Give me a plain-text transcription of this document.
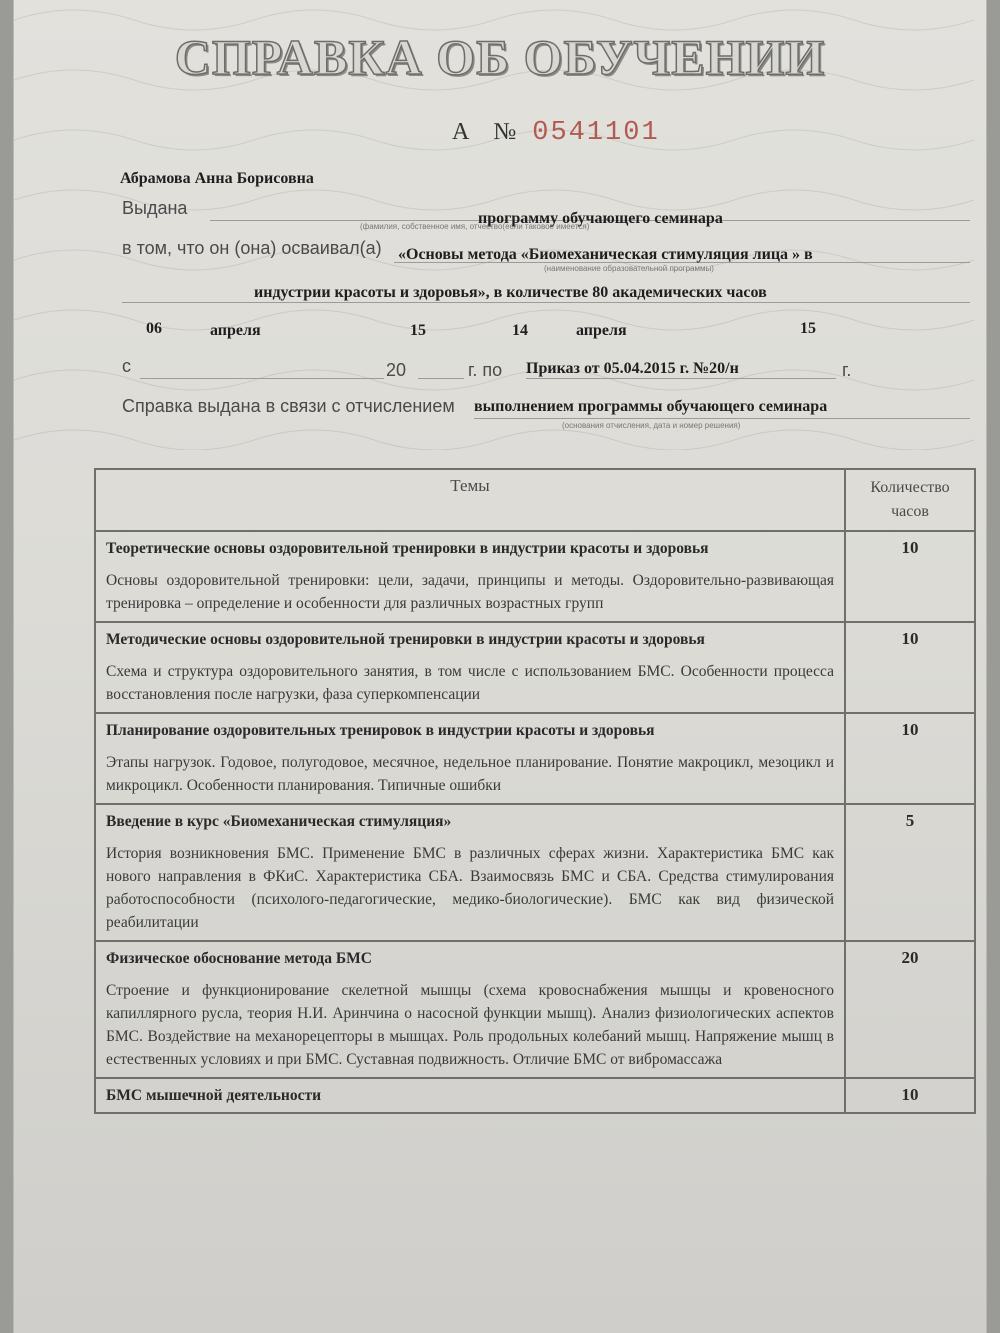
СПРАВКА ОБ ОБУЧЕНИИ
А № 0541101
Абрамова Анна Борисовна
Выдана
(фамилия, собственное имя, отчество(если таковое имеется)
программу обучающего семинара
в том, что он (она) осваивал(а) «Основы метода «Биомеханическая стимуляция лица » в
(наименование образовательной программы)
индустрии красоты и здоровья», в количестве 80 академических часов
06	апреля	15	14	апреля	15
с	20	г. по Приказ от 05.04.2015 г. №20/н	г.
Справка выдана в связи с отчислением выполнением программы обучающего семинара
(основания отчисления, дата и номер решения)
Темы	Количество часов

Теоретические основы оздоровительной тренировки в индустрии красоты и здоровья
Основы оздоровительной тренировки: цели, задачи, принципы и методы. Оздоровительно-развивающая тренировка – определение и особенности для различных возрастных групп	10

Методические основы оздоровительной тренировки в индустрии красоты и здоровья
Схема и структура оздоровительного занятия, в том числе с использованием БМС. Особенности процесса восстановления после нагрузки, фаза суперкомпенсации	10

Планирование оздоровительных тренировок в индустрии красоты и здоровья
Этапы нагрузок. Годовое, полугодовое, месячное, недельное планирование. Понятие макроцикл, мезоцикл и микроцикл. Особенности планирования. Типичные ошибки	10

Введение в курс «Биомеханическая стимуляция»
История возникновения БМС. Применение БМС в различных сферах жизни. Характеристика БМС как нового направления в ФКиС. Характеристика СБА. Взаимосвязь БМС и СБА. Средства стимулирования работоспособности (психолого-педагогические, медико-биологические). БМС как вид физической реабилитации	5

Физическое обоснование метода БМС
Строение и функционирование скелетной мышцы (схема кровоснабжения мышцы и кровеносного капиллярного русла, теория Н.И. Аринчина о насосной функции мышц). Анализ физиологических аспектов БМС. Воздействие на механорецепторы в мышцах. Роль продольных колебаний мышц. Напряжение мышц в естественных условиях и при БМС. Суставная подвижность. Отличие БМС от вибромассажа	20

БМС мышечной деятельности	10
